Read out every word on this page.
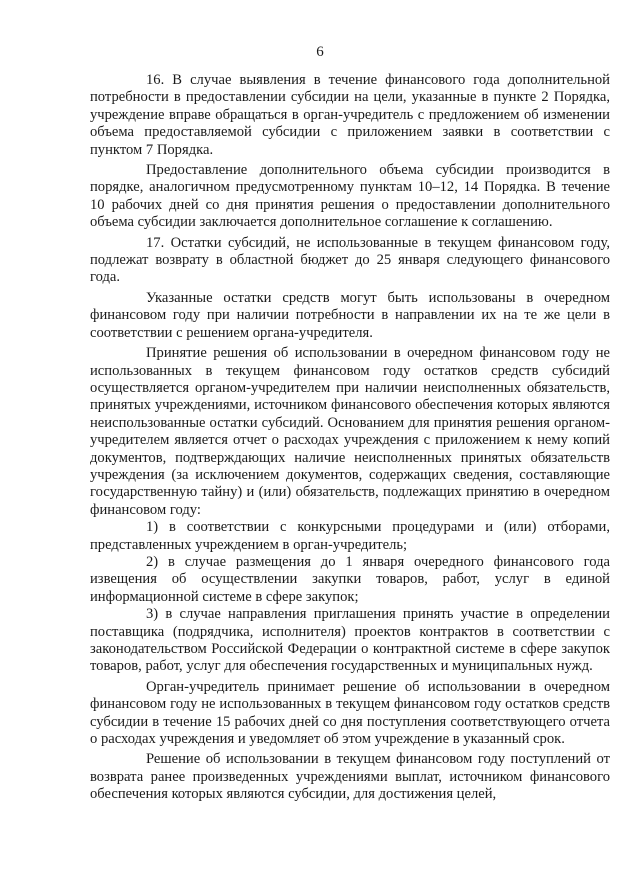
6

16. В случае выявления в течение финансового года дополнительной потребности в предоставлении субсидии на цели, указанные в пункте 2 Порядка, учреждение вправе обращаться в орган-учредитель с предложением об изменении объема предоставляемой субсидии с приложением заявки в соответствии с пунктом 7 Порядка.

Предоставление дополнительного объема субсидии производится в порядке, аналогичном предусмотренному пунктам 10–12, 14 Порядка. В течение 10 рабочих дней со дня принятия решения о предоставлении дополнительного объема субсидии заключается дополнительное соглашение к соглашению.

17. Остатки субсидий, не использованные в текущем финансовом году, подлежат возврату в областной бюджет до 25 января следующего финансового года.

Указанные остатки средств могут быть использованы в очередном финансовом году при наличии потребности в направлении их на те же цели в соответствии с решением органа-учредителя.

Принятие решения об использовании в очередном финансовом году не использованных в текущем финансовом году остатков средств субсидий осуществляется органом-учредителем при наличии неисполненных обязательств, принятых учреждениями, источником финансового обеспечения которых являются неиспользованные остатки субсидий. Основанием для принятия решения органом-учредителем является отчет о расходах учреждения с приложением к нему копий документов, подтверждающих наличие неисполненных принятых обязательств учреждения (за исключением документов, содержащих сведения, составляющие государственную тайну) и (или) обязательств, подлежащих принятию в очередном финансовом году:

1) в соответствии с конкурсными процедурами и (или) отборами, представленных учреждением в орган-учредитель;

2) в случае размещения до 1 января очередного финансового года извещения об осуществлении закупки товаров, работ, услуг в единой информационной системе в сфере закупок;

3) в случае направления приглашения принять участие в определении поставщика (подрядчика, исполнителя) проектов контрактов в соответствии с законодательством Российской Федерации о контрактной системе в сфере закупок товаров, работ, услуг для обеспечения государственных и муниципальных нужд.

Орган-учредитель принимает решение об использовании в очередном финансовом году не использованных в текущем финансовом году остатков средств субсидии в течение 15 рабочих дней со дня поступления соответствующего отчета о расходах учреждения и уведомляет об этом учреждение в указанный срок.

Решение об использовании в текущем финансовом году поступлений от возврата ранее произведенных учреждениями выплат, источником финансового обеспечения которых являются субсидии, для достижения целей,
